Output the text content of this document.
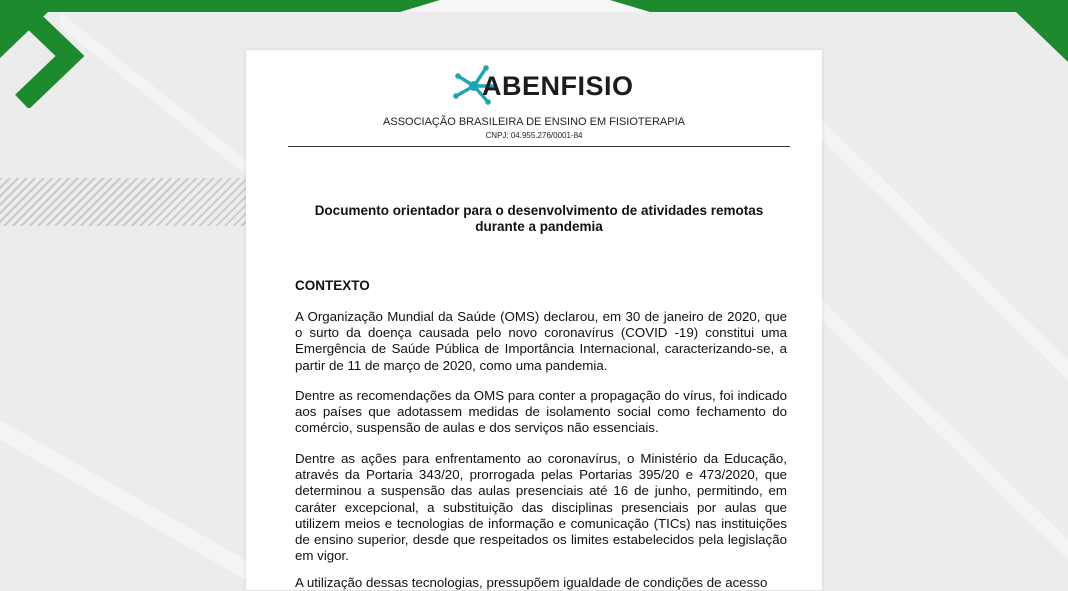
ABENFISIO
ASSOCIAÇÃO BRASILEIRA DE ENSINO EM FISIOTERAPIA
CNPJ: 04.955.276/0001-84
Documento orientador para o desenvolvimento de atividades remotas
durante a pandemia
CONTEXTO

A Organização Mundial da Saúde (OMS) declarou, em 30 de janeiro de 2020, que o surto da doença causada pelo novo coronavírus (COVID -19) constitui uma Emergência de Saúde Pública de Importância Internacional, caracterizando-se, a partir de 11 de março de 2020, como uma pandemia.

Dentre as recomendações da OMS para conter a propagação do vírus, foi indicado aos países que adotassem medidas de isolamento social como fechamento do comércio, suspensão de aulas e dos serviços não essenciais.

Dentre as ações para enfrentamento ao coronavírus, o Ministério da Educação, através da Portaria 343/20, prorrogada pelas Portarias 395/20 e 473/2020, que determinou a suspensão das aulas presenciais até 16 de junho, permitindo, em caráter excepcional, a substituição das disciplinas presenciais por aulas que utilizem meios e tecnologias de informação e comunicação (TICs) nas instituições de ensino superior, desde que respeitados os limites estabelecidos pela legislação em vigor.

A utilização dessas tecnologias, pressupõem igualdade de condições de acesso
